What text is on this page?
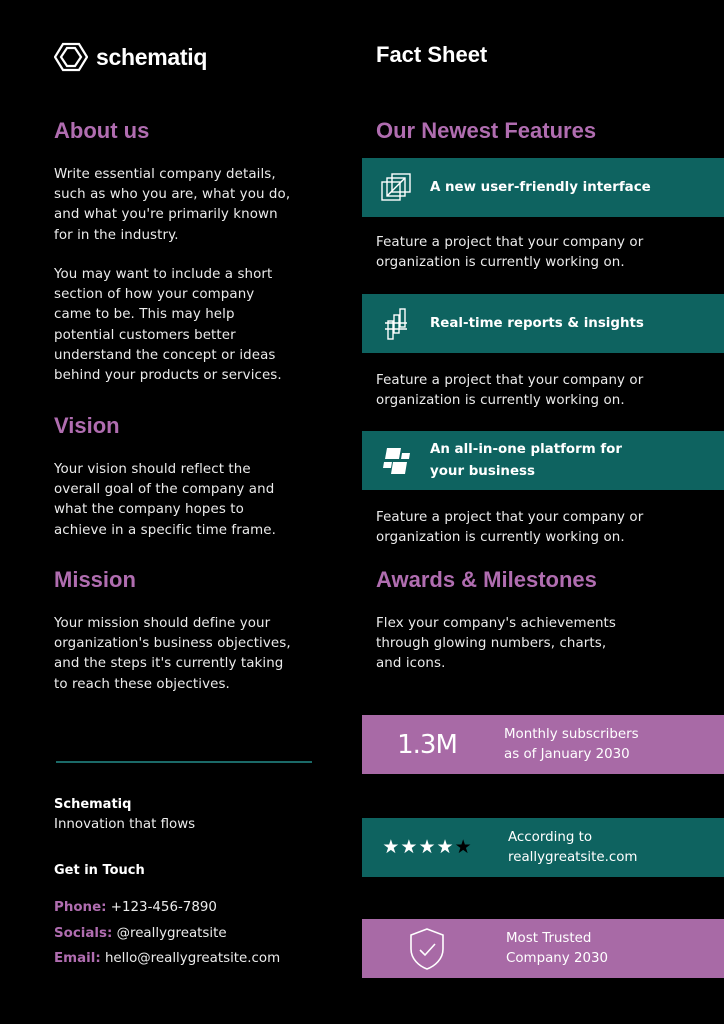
schematiq	Fact Sheet
About us

Write essential company details,

such as who you are, what you do,

and what you're primarily known

for in the industry.

You may want to include a short

section of how your company

came to be. This may help

potential customers better

understand the concept or ideas

behind your products or services.

Vision

Your vision should reflect the

overall goal of the company and

what the company hopes to

achieve in a specific time frame.

Mission

Your mission should define your

organization's business objectives,

and the steps it's currently taking

to reach these objectives.

Schematiq
Innovation that flows
Get in Touch
Phone: +123-456-7890
Socials: @reallygreatsite
Email: hello@reallygreatsite.com
Our Newest Features
A new user-friendly interface

Feature a project that your company or

organization is currently working on.

Real-time reports & insights

Feature a project that your company or

organization is currently working on.

An all-in-one platform for
your business

Feature a project that your company or

organization is currently working on.

Awards & Milestones

Flex your company's achievements

through glowing numbers, charts,

and icons.

1.3M	Monthly subscribers
as of January 2030
★ ★ ★ ★ ★	According to
reallygreatsite.com
Most Trusted
Company 2030
